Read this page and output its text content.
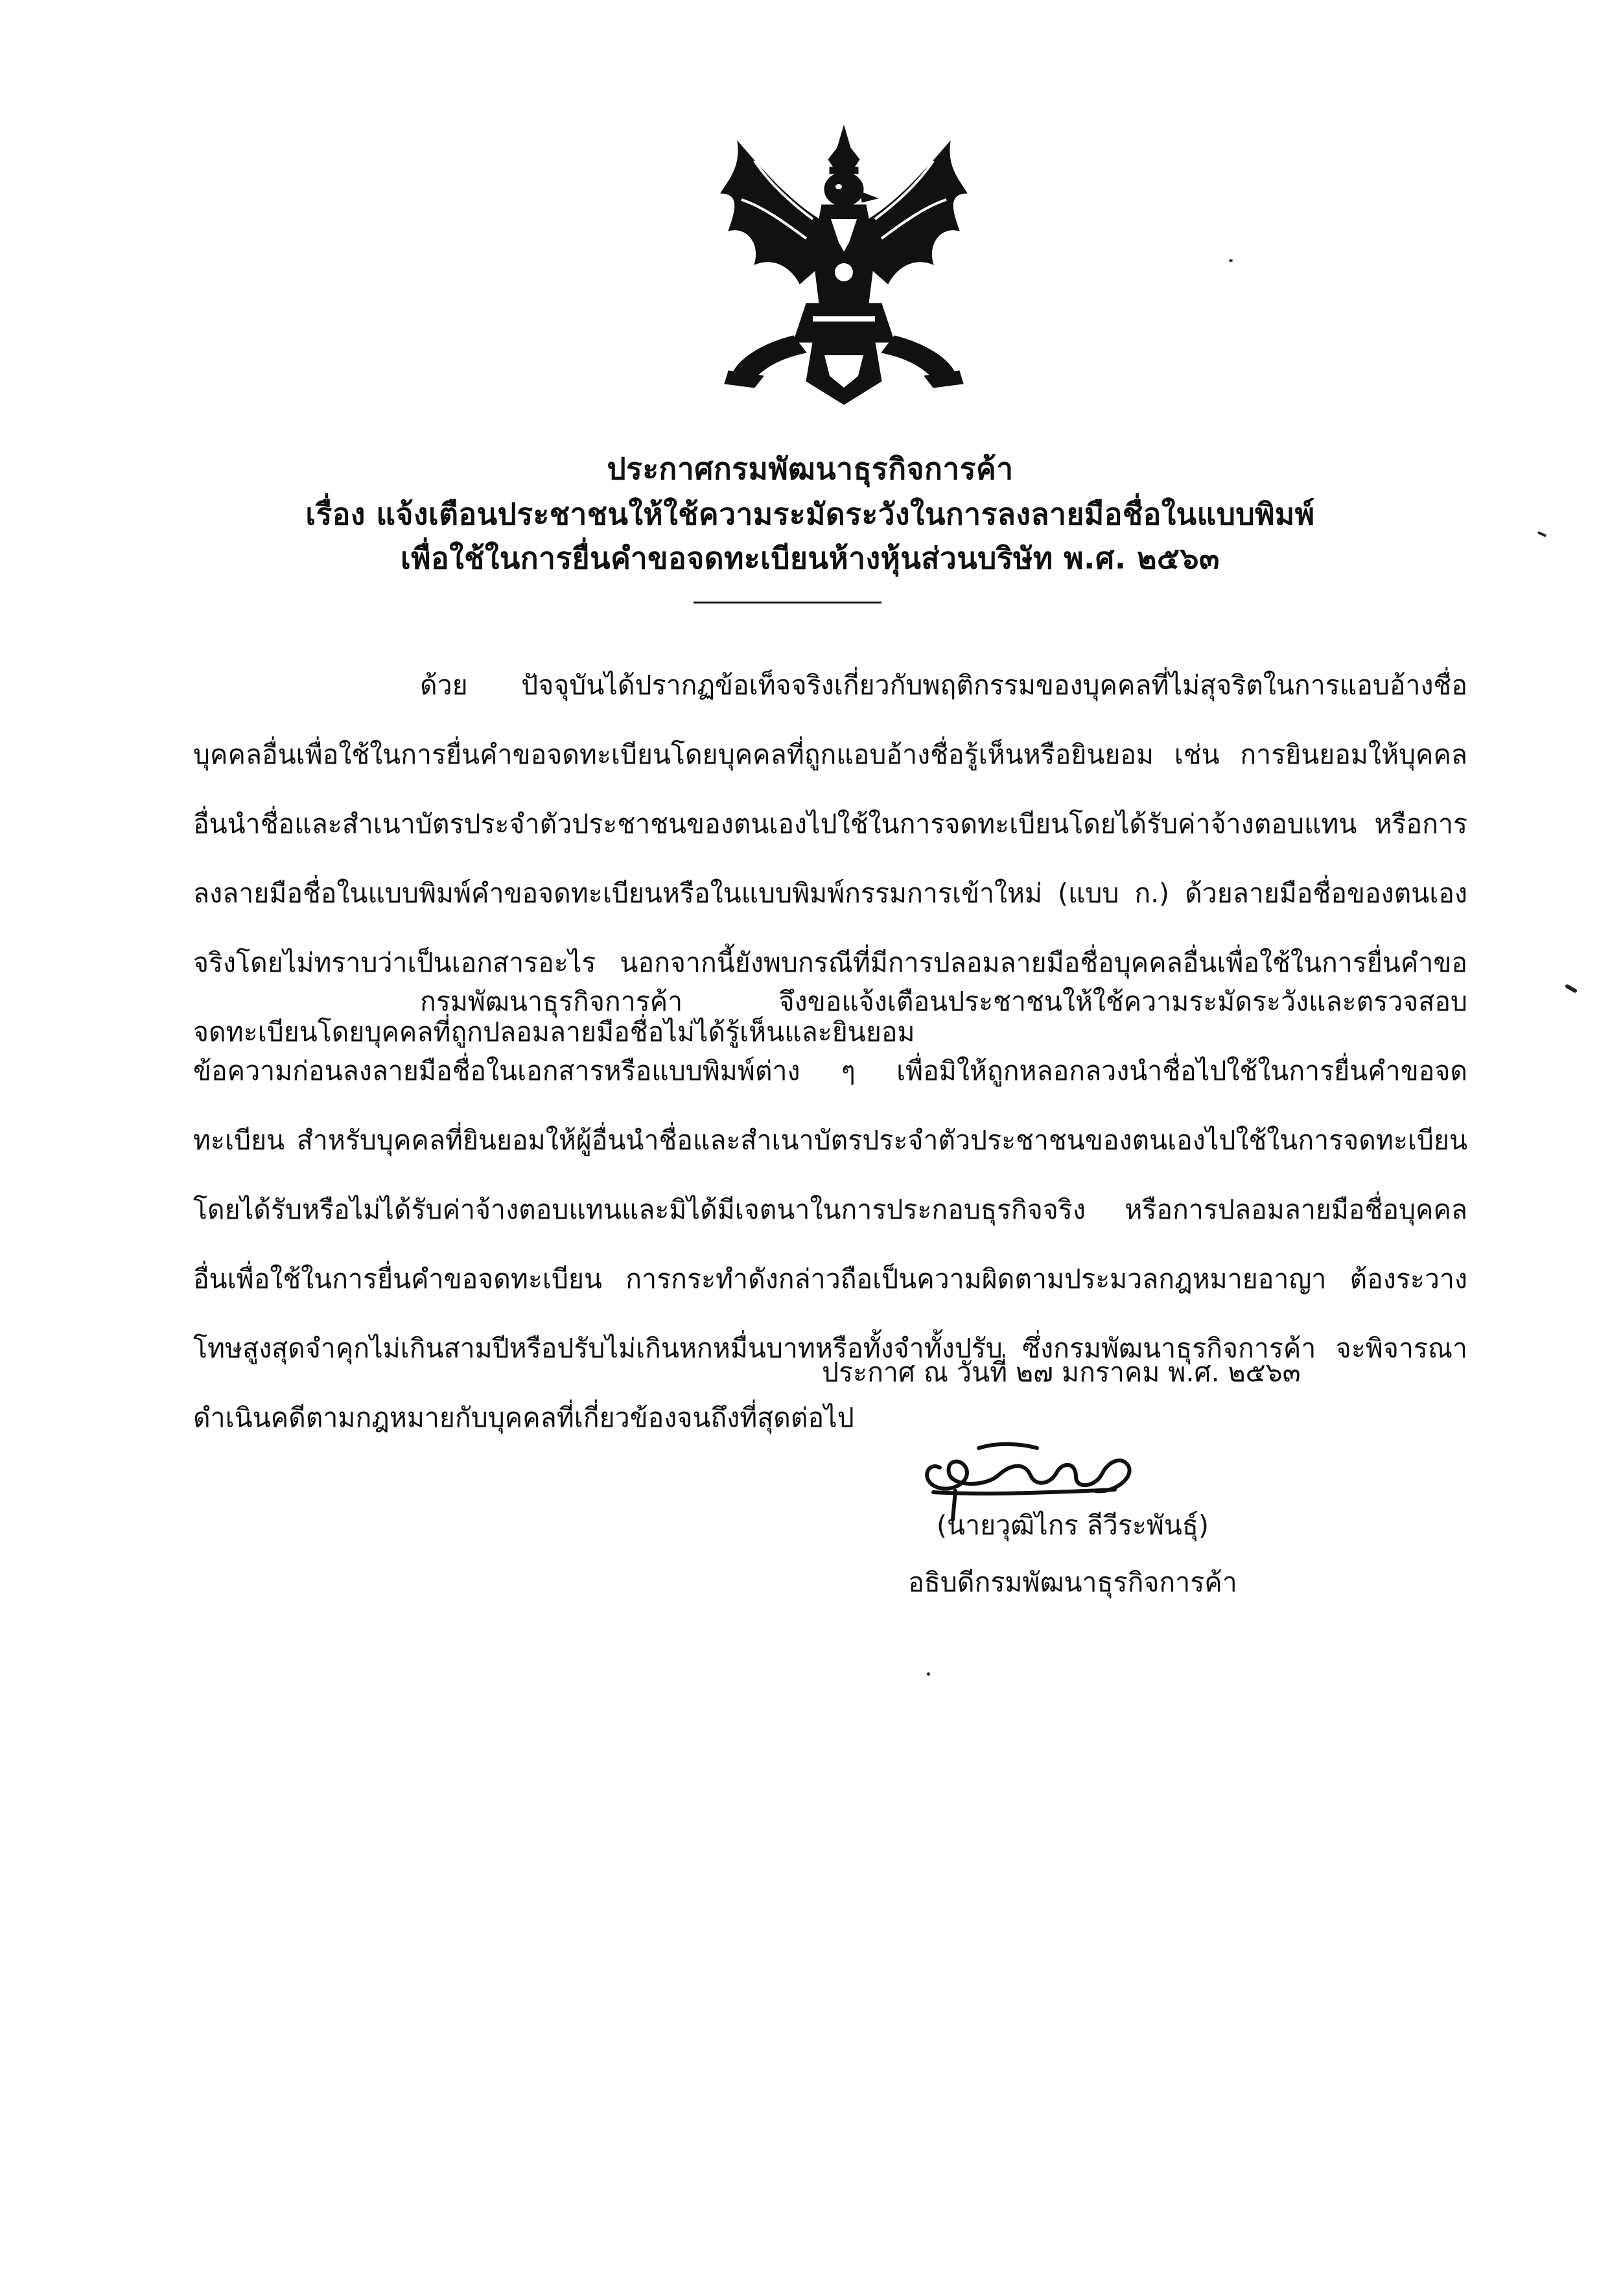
ประกาศกรมพัฒนาธุรกิจการค้า
เรื่อง แจ้งเตือนประชาชนให้ใช้ความระมัดระวังในการลงลายมือชื่อในแบบพิมพ์
เพื่อใช้ในการยื่นคำขอจดทะเบียนห้างหุ้นส่วนบริษัท พ.ศ. ๒๕๖๓
ด้วย ปัจจุบันได้ปรากฏข้อเท็จจริงเกี่ยวกับพฤติกรรมของบุคคลที่ไม่สุจริตในการแอบอ้างชื่อบุคคลอื่นเพื่อใช้ในการยื่นคำขอจดทะเบียนโดยบุคคลที่ถูกแอบอ้างชื่อรู้เห็นหรือยินยอม เช่น การยินยอมให้บุคคลอื่นนำชื่อและสำเนาบัตรประจำตัวประชาชนของตนเองไปใช้ในการจดทะเบียนโดยได้รับค่าจ้างตอบแทน หรือการลงลายมือชื่อในแบบพิมพ์คำขอจดทะเบียนหรือในแบบพิมพ์กรรมการเข้าใหม่ (แบบ ก.) ด้วยลายมือชื่อของตนเองจริงโดยไม่ทราบว่าเป็นเอกสารอะไร นอกจากนี้ยังพบกรณีที่มีการปลอมลายมือชื่อบุคคลอื่นเพื่อใช้ในการยื่นคำขอจดทะเบียนโดยบุคคลที่ถูกปลอมลายมือชื่อไม่ได้รู้เห็นและยินยอม
กรมพัฒนาธุรกิจการค้า จึงขอแจ้งเตือนประชาชนให้ใช้ความระมัดระวังและตรวจสอบข้อความก่อนลงลายมือชื่อในเอกสารหรือแบบพิมพ์ต่าง ๆ เพื่อมิให้ถูกหลอกลวงนำชื่อไปใช้ในการยื่นคำขอจดทะเบียน สำหรับบุคคลที่ยินยอมให้ผู้อื่นนำชื่อและสำเนาบัตรประจำตัวประชาชนของตนเองไปใช้ในการจดทะเบียนโดยได้รับหรือไม่ได้รับค่าจ้างตอบแทนและมิได้มีเจตนาในการประกอบธุรกิจจริง หรือการปลอมลายมือชื่อบุคคลอื่นเพื่อใช้ในการยื่นคำขอจดทะเบียน การกระทำดังกล่าวถือเป็นความผิดตามประมวลกฎหมายอาญา ต้องระวางโทษสูงสุดจำคุกไม่เกินสามปีหรือปรับไม่เกินหกหมื่นบาทหรือทั้งจำทั้งปรับ ซึ่งกรมพัฒนาธุรกิจการค้า จะพิจารณาดำเนินคดีตามกฎหมายกับบุคคลที่เกี่ยวข้องจนถึงที่สุดต่อไป
ประกาศ ณ วันที่ ๒๗ มกราคม พ.ศ. ๒๕๖๓
(นายวุฒิไกร ลีวีระพันธุ์)
อธิบดีกรมพัฒนาธุรกิจการค้า
